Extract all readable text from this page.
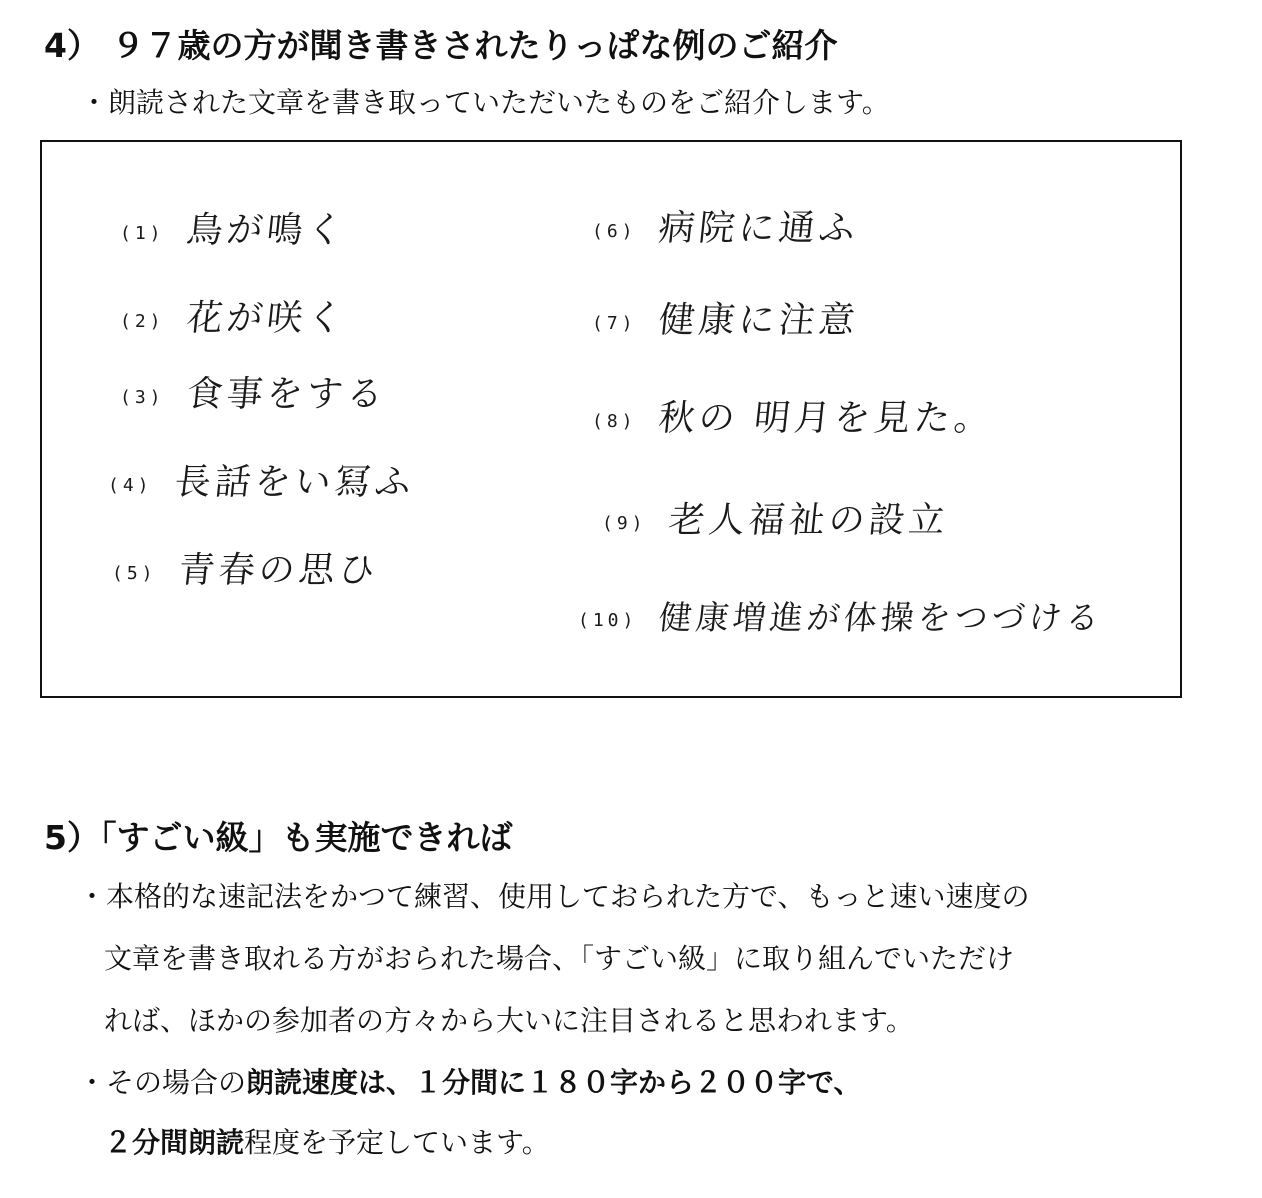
4） ９７歳の方が聞き書きされたりっぱな例のご紹介

・朗読された文章を書き取っていただいたものをご紹介します。

(1) 鳥が鳴く
(2) 花が咲く
(3) 食事をする
(4) 長話をい冩ふ
(5) 青春の思ひ
(6) 病院に通ふ
(7) 健康に注意
(8) 秋の 明月を見た。
(9) 老人福祉の設立
(10) 健康増進が体操をつづける
5）「すごい級」も実施できれば

・本格的な速記法をかつて練習、使用しておられた方で、もっと速い速度の

文章を書き取れる方がおられた場合、「すごい級」に取り組んでいただけ

れば、ほかの参加者の方々から大いに注目されると思われます。

・その場合の朗読速度は、１分間に１８０字から２００字で、

２分間朗読程度を予定しています。
